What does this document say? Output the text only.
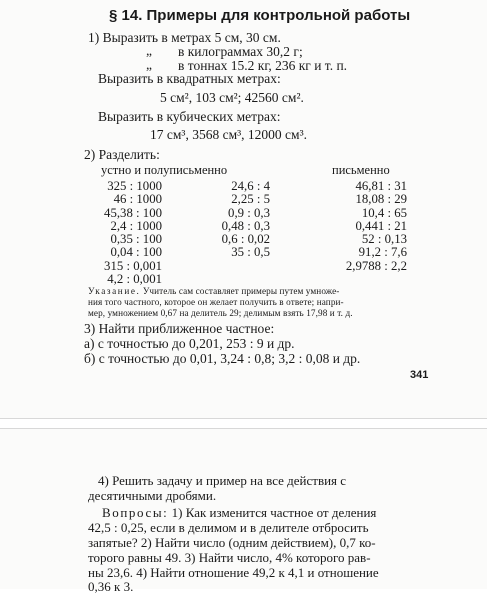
§ 14. Примеры для контрольной работы
1) Выразить в метрах 5 см, 30 см.
„ в килограммах 30,2 г;
„ в тоннах 15.2 кг, 236 кг и т. п.
Выразить в квадратных метрах:
5 см², 103 см²; 42560 см².
Выразить в кубических метрах:
17 см³, 3568 см³, 12000 см³.
2) Разделить:
устно и полуписьменно	письменно
325 : 1000
46 : 1000
45,38 : 100
2,4 : 1000
0,35 : 100
0,04 : 100
315 : 0,001
4,2 : 0,001
24,6 : 4
2,25 : 5
0,9 : 0,3
0,48 : 0,3
0,6 : 0,02
35 : 0,5
46,81 : 31
18,08 : 29
10,4 : 65
0,441 : 21
52 : 0,13
91,2 : 7,6
2,9788 : 2,2
Указание. Учитель сам составляет примеры путем умноже-
ния того частного, которое он желает получить в ответе; напри-
мер, умножением 0,67 на делитель 29; делимым взять 17,98 и т. д.
3) Найти приближенное частное:
а) с точностью до 0,201, 253 : 9 и др.
б) с точностью до 0,01, 3,24 : 0,8; 3,2 : 0,08 и др.
341
4) Решить задачу и пример на все действия с
десятичными дробями.
Вопросы: 1) Как изменится частное от деления
42,5 : 0,25, если в делимом и в делителе отбросить
запятые? 2) Найти число (одним действием), 0,7 ко-
торого равны 49. 3) Найти число, 4% которого рав-
ны 23,6. 4) Найти отношение 49,2 к 4,1 и отношение
0,36 к 3.
